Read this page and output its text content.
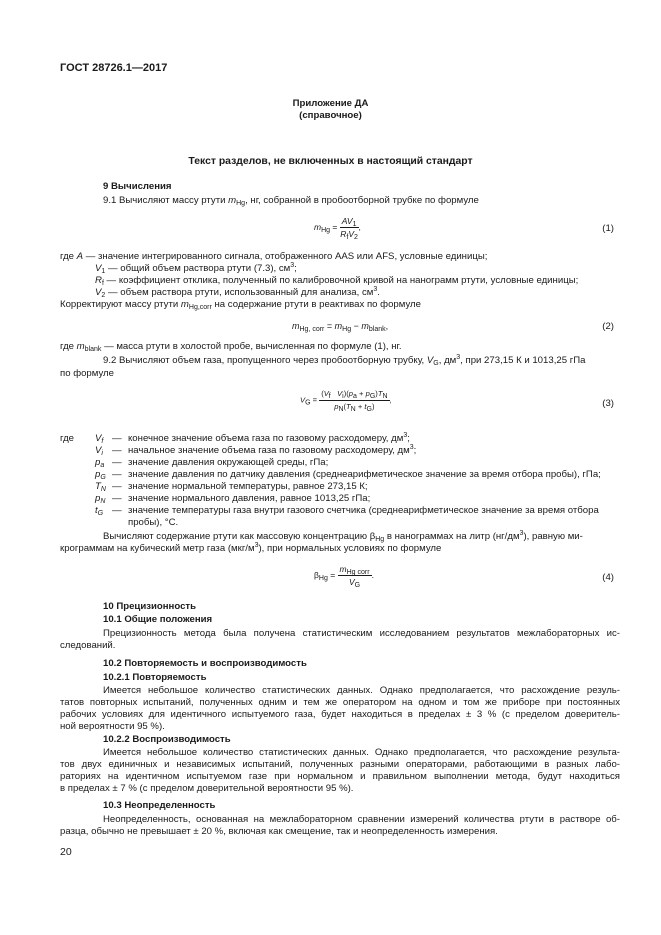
ГОСТ 28726.1—2017
Приложение ДА
(справочное)
Текст разделов, не включенных в настоящий стандарт
9 Вычисления
9.1 Вычисляют массу ртути $m_{Hg}$, нг, собранной в пробоотборной трубке по формуле
$m_{Hg} = \frac{AV_1}{R_fV_2}$ ,	(1)
где A — значение интегрированного сигнала, отображенного AAS или AFS, условные единицы;
$V_1$ — общий объем раствора ртути (7.3), $см^3$;
$R_f$ — коэффициент отклика, полученный по калибровочной кривой на нанограмм ртути, условные единицы;
$V_2$ — объем раствора ртути, использованный для анализа, $см^3$.
Корректируют массу ртути $m_{Hg,corr}$ на содержание ртути в реактивах по формуле
$m_{Hg, corr} = m_{Hg} - m_{blank}$,	(2)
где $m_{blank}$ — масса ртути в холостой пробе, вычисленная по формуле (1), нг.
9.2 Вычисляют объем газа, пропущенного через пробоотборную трубку, $V_G$, $дм^3$, при 273,15 К и 1013,25 гПа
по формуле
$V_G = \frac{(V_f V_i)(p_a + p_G)T_N}{p_N(T_N + t_G)}$ ,	(3)
где $V_f$ — конечное значение объема газа по газовому расходомеру, $дм^3$;
$V_i$ — начальное значение объема газа по газовому расходомеру, $дм^3$;
$p_a$ — значение давления окружающей среды, гПа;
$p_G$ — значение давления по датчику давления (среднеарифметическое значение за время отбора пробы), гПа;
$T_N$ — значение нормальной температуры, равное 273,15 К;
$p_N$ — значение нормального давления, равное 1013,25 гПа;
$t_G$ — значение температуры газа внутри газового счетчика (среднеарифметическое значение за время отбора
пробы), °С.
Вычисляют содержание ртути как массовую концентрацию $\beta_{Hg}$ в нанограммах на литр $(нг/дм^3)$, равную ми-
крограммам на кубический метр газа $(мкг/м^3)$, при нормальных условиях по формуле
$\beta_{Hg} = \frac{m_{Hg corr}}{V_G}$ .	(4)
10 Прецизионность
10.1 Общие положения
Прецизионность метода была получена статистическим исследованием результатов межлабораторных ис-
следований.
10.2 Повторяемость и воспроизводимость
10.2.1 Повторяемость
Имеется небольшое количество статистических данных. Однако предполагается, что расхождение резуль-
татов повторных испытаний, полученных одним и тем же оператором на одном и том же приборе при постоянных
рабочих условиях для идентичного испытуемого газа, будет находиться в пределах ± 3 % (с пределом доверитель-
ной вероятности 95 %).
10.2.2 Воспроизводимость
Имеется небольшое количество статистических данных. Однако предполагается, что расхождение результа-
тов двух единичных и независимых испытаний, полученных разными операторами, работающими в разных лабо-
раториях на идентичном испытуемом газе при нормальном и правильном выполнении метода, будут находиться
в пределах ± 7 % (с пределом доверительной вероятности 95 %).
10.3 Неопределенность
Неопределенность, основанная на межлабораторном сравнении измерений количества ртути в растворе об-
разца, обычно не превышает ± 20 %, включая как смещение, так и неопределенность измерения.
20
